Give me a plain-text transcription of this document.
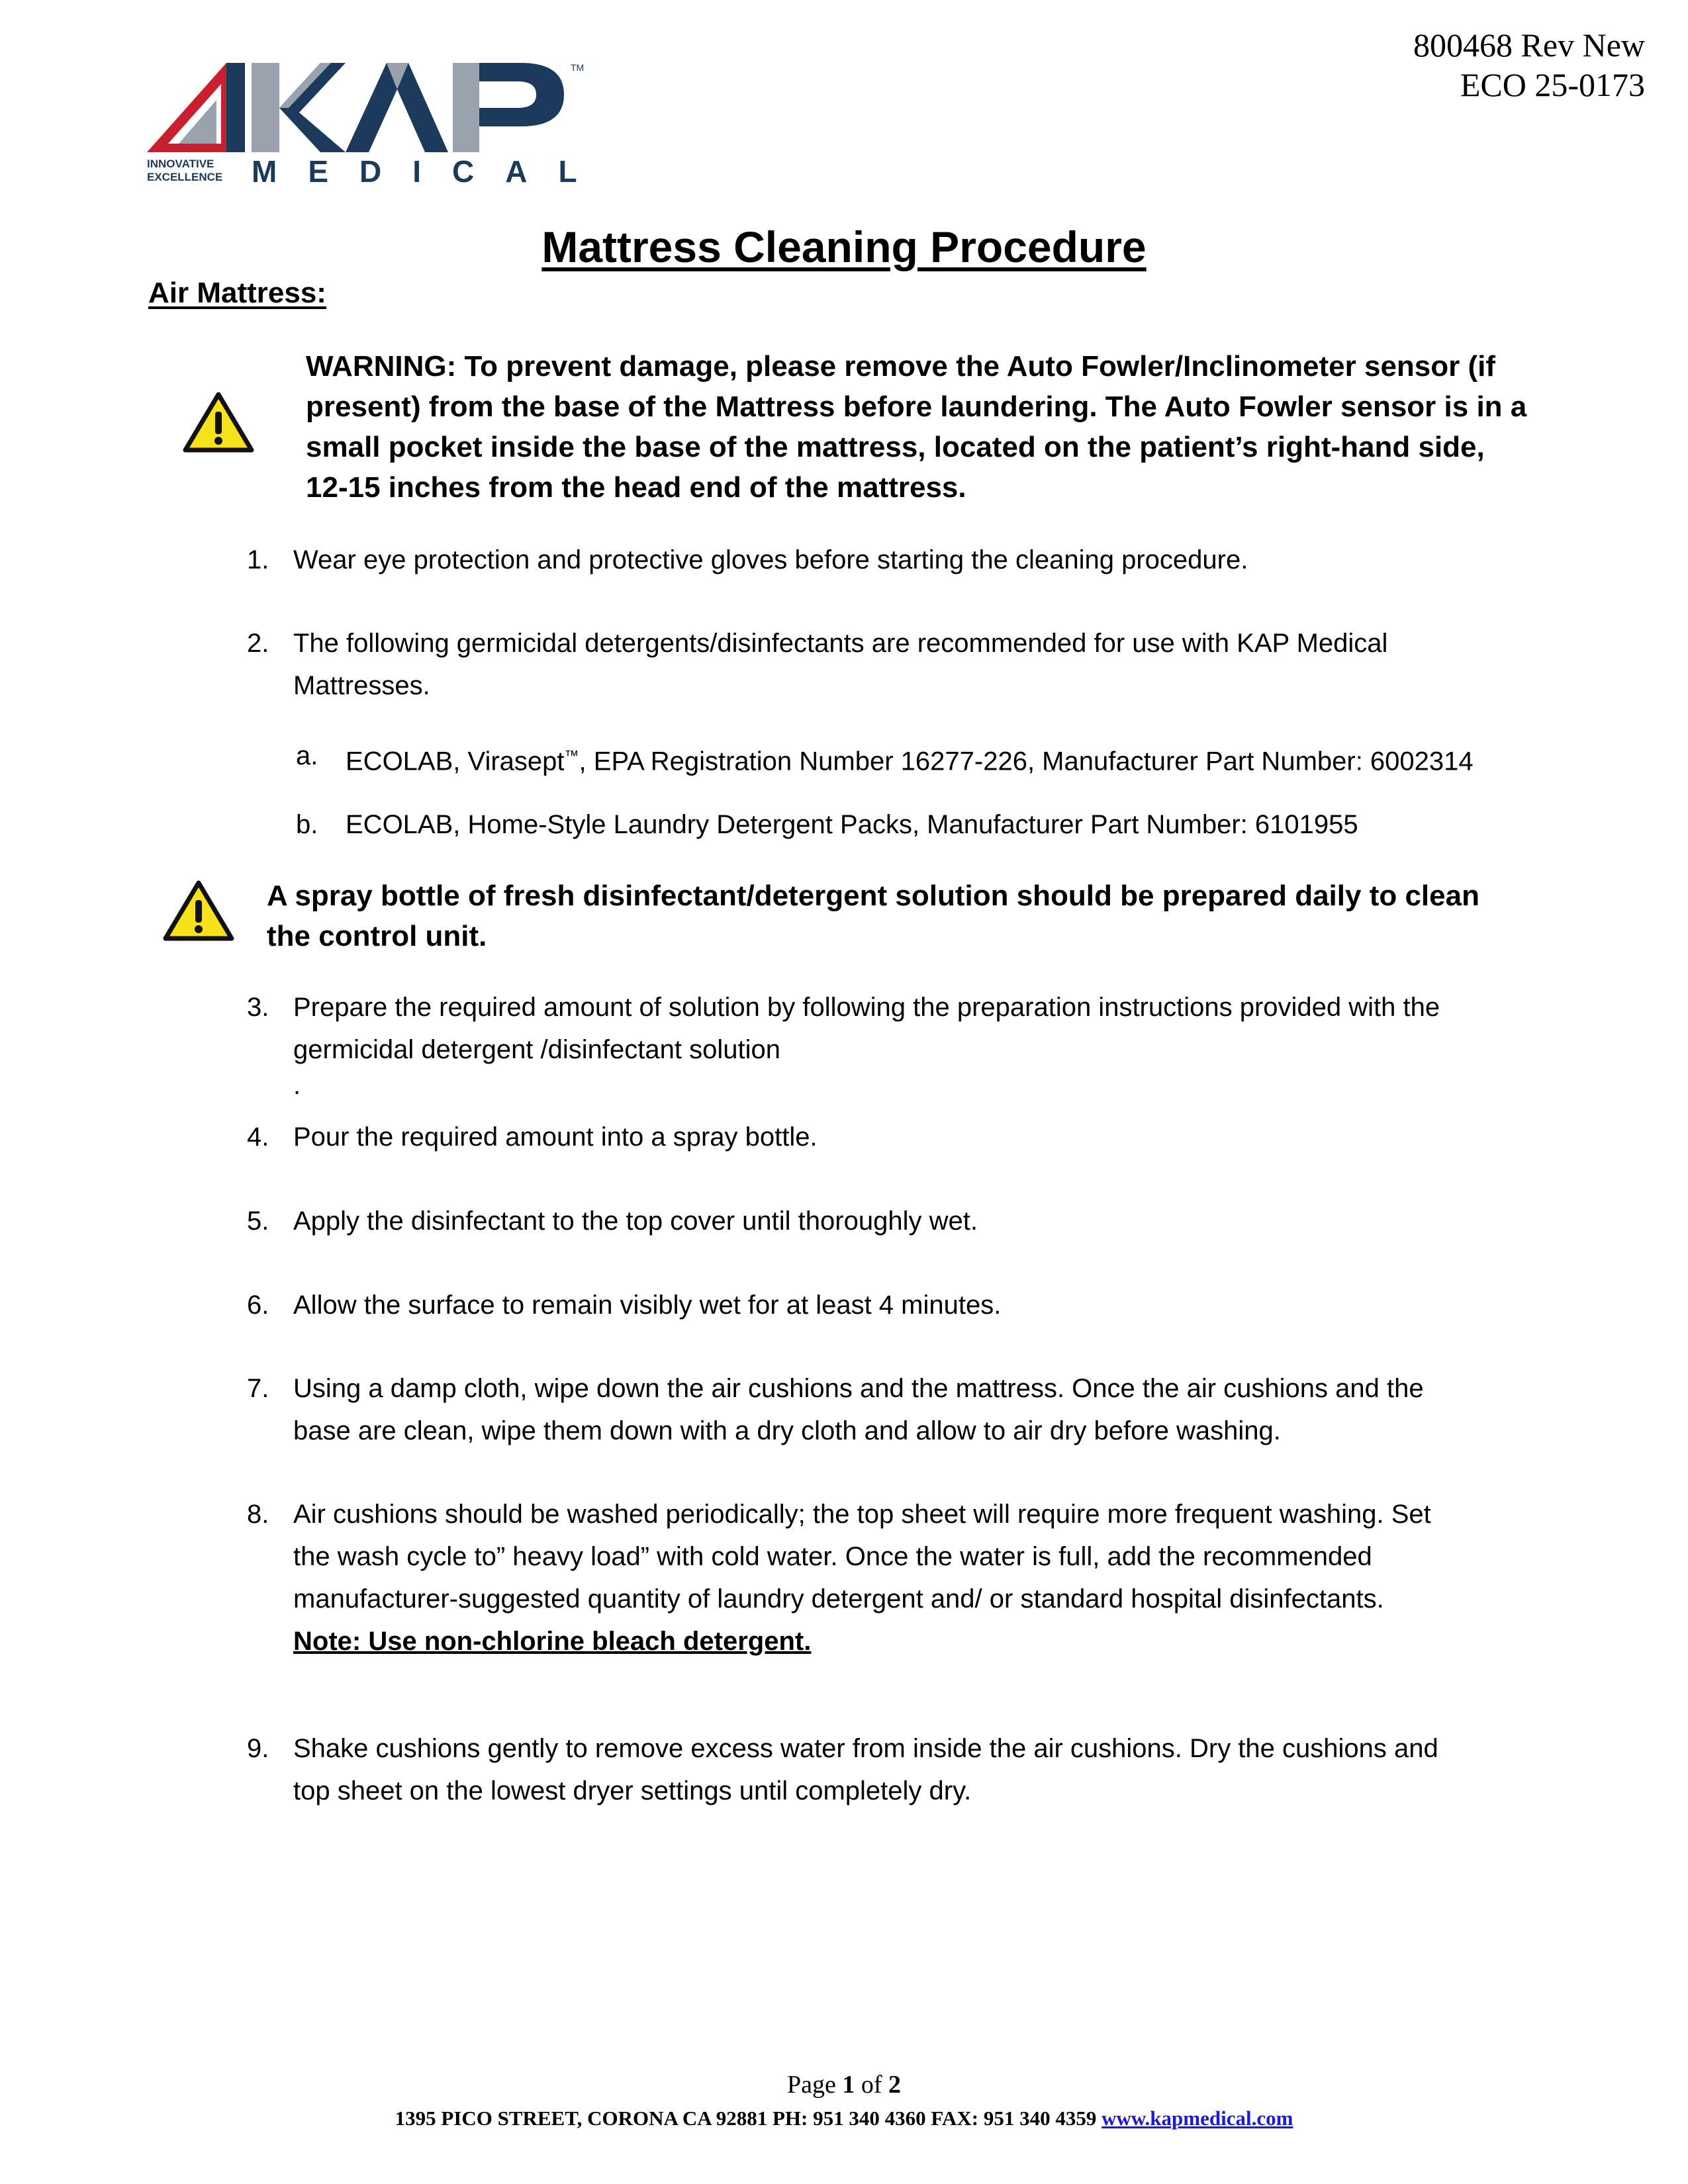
800468 Rev New
ECO 25-0173
TM
INNOVATIVE
EXCELLENCE MEDICAL
Mattress Cleaning Procedure
Air Mattress:
WARNING: To prevent damage, please remove the Auto Fowler/Inclinometer sensor (if
present) from the base of the Mattress before laundering. The Auto Fowler sensor is in a
small pocket inside the base of the mattress, located on the patient’s right-hand side,
12-15 inches from the head end of the mattress.
1. Wear eye protection and protective gloves before starting the cleaning procedure.
2. The following germicidal detergents/disinfectants are recommended for use with KAP Medical
Mattresses.
a. ECOLAB, Virasept™, EPA Registration Number 16277-226, Manufacturer Part Number: 6002314
b. ECOLAB, Home-Style Laundry Detergent Packs, Manufacturer Part Number: 6101955
A spray bottle of fresh disinfectant/detergent solution should be prepared daily to clean
the control unit.
3. Prepare the required amount of solution by following the preparation instructions provided with the
germicidal detergent /disinfectant solution
.
4. Pour the required amount into a spray bottle.
5. Apply the disinfectant to the top cover until thoroughly wet.
6. Allow the surface to remain visibly wet for at least 4 minutes.
7. Using a damp cloth, wipe down the air cushions and the mattress. Once the air cushions and the
base are clean, wipe them down with a dry cloth and allow to air dry before washing.
8. Air cushions should be washed periodically; the top sheet will require more frequent washing. Set
the wash cycle to” heavy load” with cold water. Once the water is full, add the recommended
manufacturer-suggested quantity of laundry detergent and/ or standard hospital disinfectants.
Note: Use non-chlorine bleach detergent.
9. Shake cushions gently to remove excess water from inside the air cushions. Dry the cushions and
top sheet on the lowest dryer settings until completely dry.
Page 1 of 2
1395 PICO STREET, CORONA CA 92881 PH: 951 340 4360 FAX: 951 340 4359 www.kapmedical.com
